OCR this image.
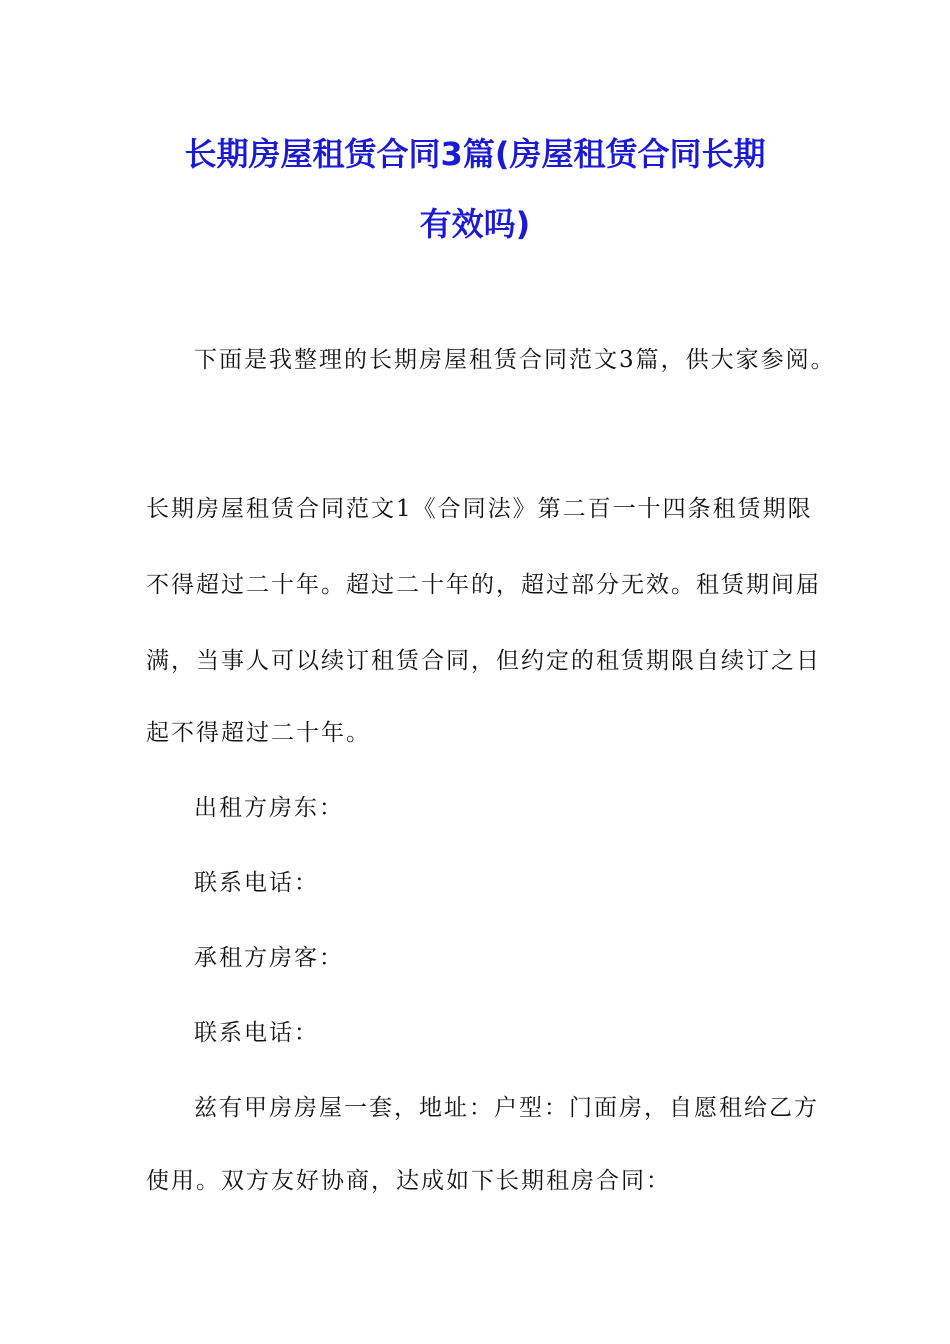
长期房屋租赁合同3篇(房屋租赁合同长期
有效吗)
下面是我整理的长期房屋租赁合同范文3篇，供大家参阅。
长期房屋租赁合同范文1《合同法》第二百一十四条租赁期限
不得超过二十年。超过二十年的，超过部分无效。租赁期间届
满，当事人可以续订租赁合同，但约定的租赁期限自续订之日
起不得超过二十年。
出租方房东：
联系电话：
承租方房客：
联系电话：
兹有甲房房屋一套，地址：户型：门面房，自愿租给乙方
使用。双方友好协商，达成如下长期租房合同：
